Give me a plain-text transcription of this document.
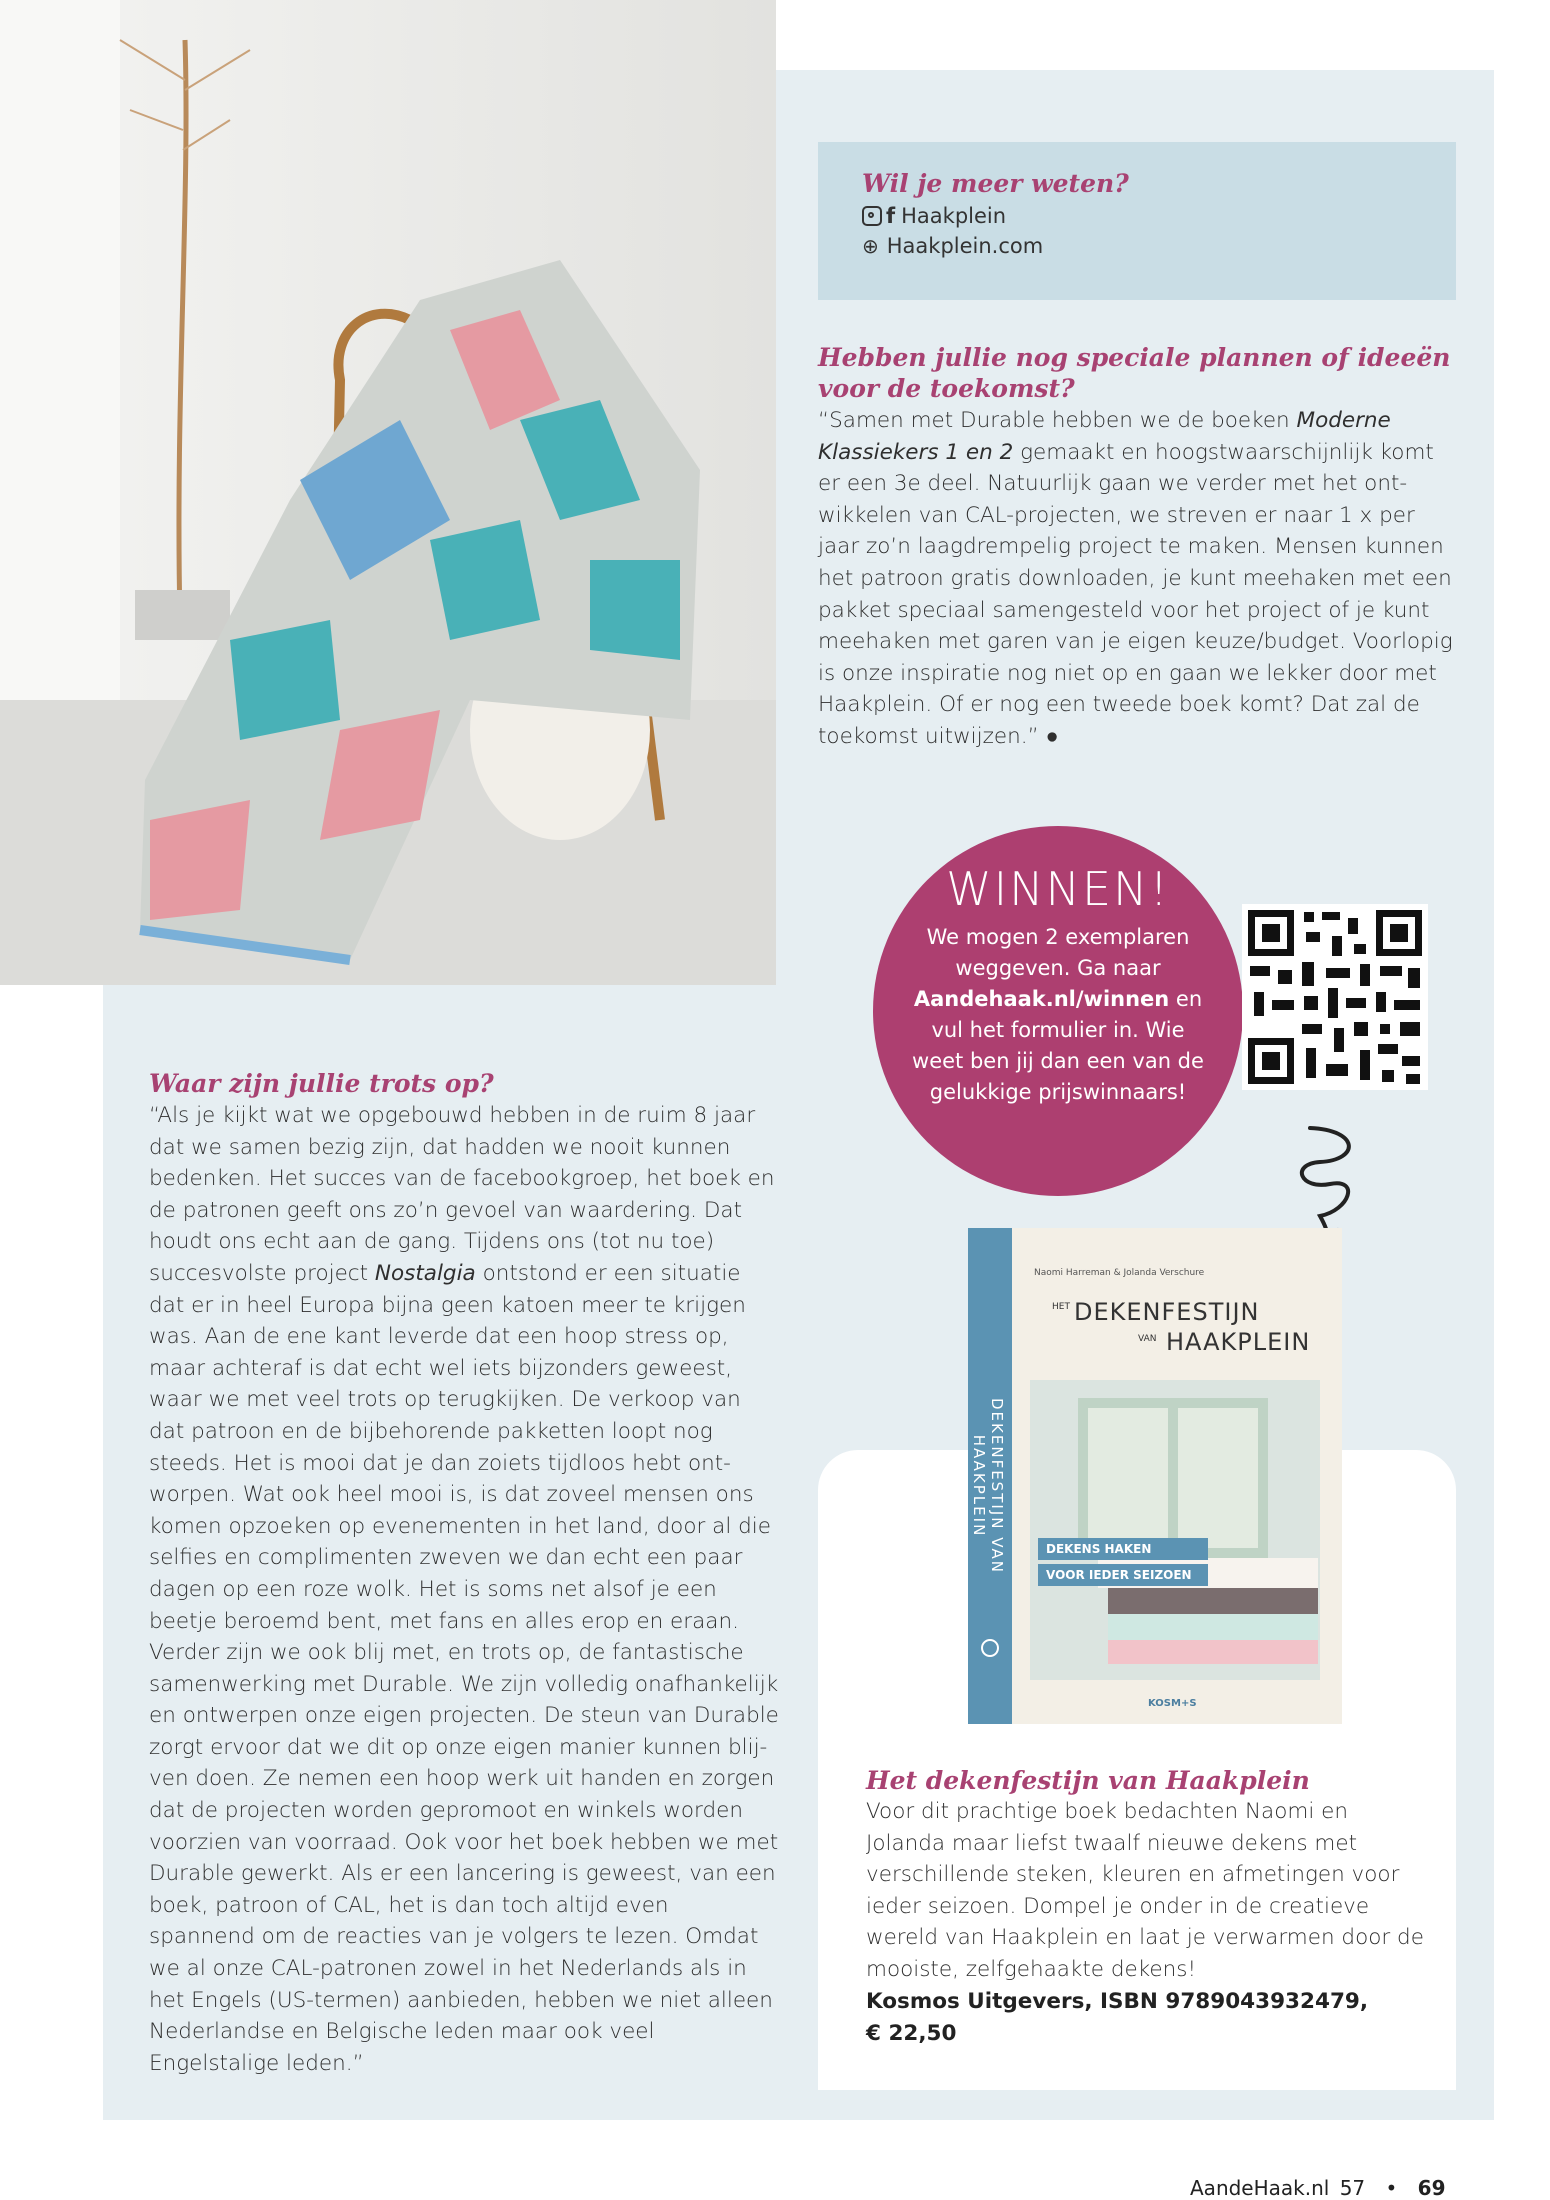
Wil je meer weten?
f Haakplein
⊕ Haakplein.com
Hebben jullie nog speciale plannen of ideeën
voor de toekomst?

“Samen met Durable hebben we de boeken Moderne Klassiekers 1 en 2 gemaakt en hoogstwaarschijnlijk komt er een 3e deel. Natuurlijk gaan we verder met het ont-wikkelen van CAL-projecten, we streven er naar 1 x per jaar zo’n laagdrempelig project te maken. Mensen kunnen het patroon gratis downloaden, je kunt meehaken met een pakket speciaal samengesteld voor het project of je kunt meehaken met garen van je eigen keuze/budget. Voorlopig is onze inspiratie nog niet op en gaan we lekker door met Haakplein. Of er nog een tweede boek komt? Dat zal de toekomst uitwijzen.” ●

WINNEN!
We mogen 2 exemplaren weggeven. Ga naar Aandehaak.nl/winnen en vul het formulier in. Wie weet ben jij dan een van de gelukkige prijswinnaars!
Naomi Harreman & Jolanda Verschure
HET DEKENFESTIJN
VAN HAAKPLEIN
DEKENS HAKEN
VOOR IEDER SEIZOEN
KOSM+S
DEKENFESTIJN VAN HAAKPLEIN
Het dekenfestijn van Haakplein

Voor dit prachtige boek bedachten Naomi en Jolanda maar liefst twaalf nieuwe dekens met verschillende steken, kleuren en afmetingen voor ieder seizoen. Dompel je onder in de creatieve wereld van Haakplein en laat je verwarmen door de mooiste, zelfgehaakte dekens!

Kosmos Uitgevers, ISBN 9789043932479,
€ 22,50
Waar zijn jullie trots op?

“Als je kijkt wat we opgebouwd hebben in de ruim 8 jaar dat we samen bezig zijn, dat hadden we nooit kunnen bedenken. Het succes van de facebookgroep, het boek en de patronen geeft ons zo’n gevoel van waardering. Dat houdt ons echt aan de gang. Tijdens ons (tot nu toe) succesvolste project Nostalgia ontstond er een situatie dat er in heel Europa bijna geen katoen meer te krijgen was. Aan de ene kant leverde dat een hoop stress op, maar achteraf is dat echt wel iets bijzonders geweest, waar we met veel trots op terugkijken. De verkoop van dat patroon en de bijbehorende pakketten loopt nog steeds. Het is mooi dat je dan zoiets tijdloos hebt ont-worpen. Wat ook heel mooi is, is dat zoveel mensen ons komen opzoeken op evenementen in het land, door al die selfies en complimenten zweven we dan echt een paar dagen op een roze wolk. Het is soms net alsof je een beetje beroemd bent, met fans en alles erop en eraan. Verder zijn we ook blij met, en trots op, de fantastische samenwerking met Durable. We zijn volledig onafhankelijk en ontwerpen onze eigen projecten. De steun van Durable zorgt ervoor dat we dit op onze eigen manier kunnen blij-ven doen. Ze nemen een hoop werk uit handen en zorgen dat de projecten worden gepromoot en winkels worden voorzien van voorraad. Ook voor het boek hebben we met Durable gewerkt. Als er een lancering is geweest, van een boek, patroon of CAL, het is dan toch altijd even spannend om de reacties van je volgers te lezen. Omdat we al onze CAL-patronen zowel in het Nederlands als in het Engels (US-termen) aanbieden, hebben we niet alleen Nederlandse en Belgische leden maar ook veel Engelstalige leden.”

AandeHaak.nl 57 • 69
